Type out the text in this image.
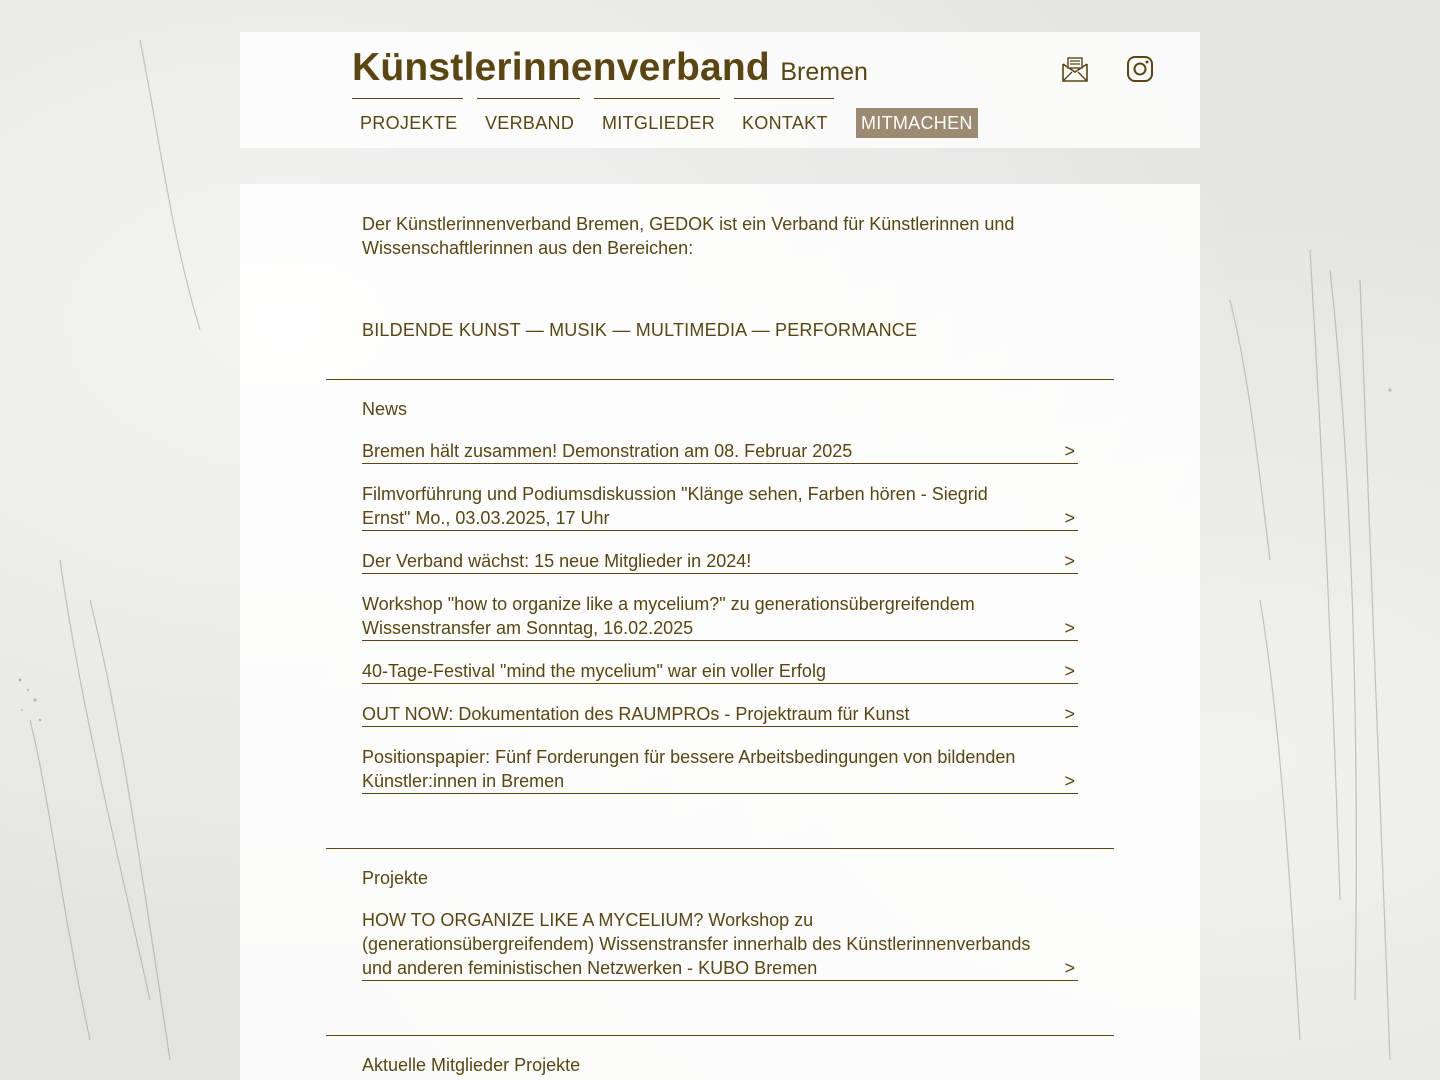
Künstlerinnenverband Bremen
PROJEKTE	VERBAND	MITGLIEDER	KONTAKT	MITMACHEN

Der Künstlerinnenverband Bremen, GEDOK ist ein Verband für Künstlerinnen und Wissenschaftlerinnen aus den Bereichen:

BILDENDE KUNST — MUSIK — MULTIMEDIA — PERFORMANCE
News
Bremen hält zusammen! Demonstration am 08. Februar 2025	>
Filmvorführung und Podiumsdiskussion "Klänge sehen, Farben hören - Siegrid Ernst" Mo., 03.03.2025, 17 Uhr	>
Der Verband wächst: 15 neue Mitglieder in 2024!	>
Workshop "how to organize like a mycelium?" zu generationsübergreifendem Wissenstransfer am Sonntag, 16.02.2025	>
40-Tage-Festival "mind the mycelium" war ein voller Erfolg	>
OUT NOW: Dokumentation des RAUMPROs - Projektraum für Kunst	>
Positionspapier: Fünf Forderungen für bessere Arbeitsbedingungen von bildenden Künstler:innen in Bremen	>
Projekte
HOW TO ORGANIZE LIKE A MYCELIUM? Workshop zu (generationsübergreifendem) Wissenstransfer innerhalb des Künstlerinnenverbands und anderen feministischen Netzwerken - KUBO Bremen	>
Aktuelle Mitglieder Projekte
